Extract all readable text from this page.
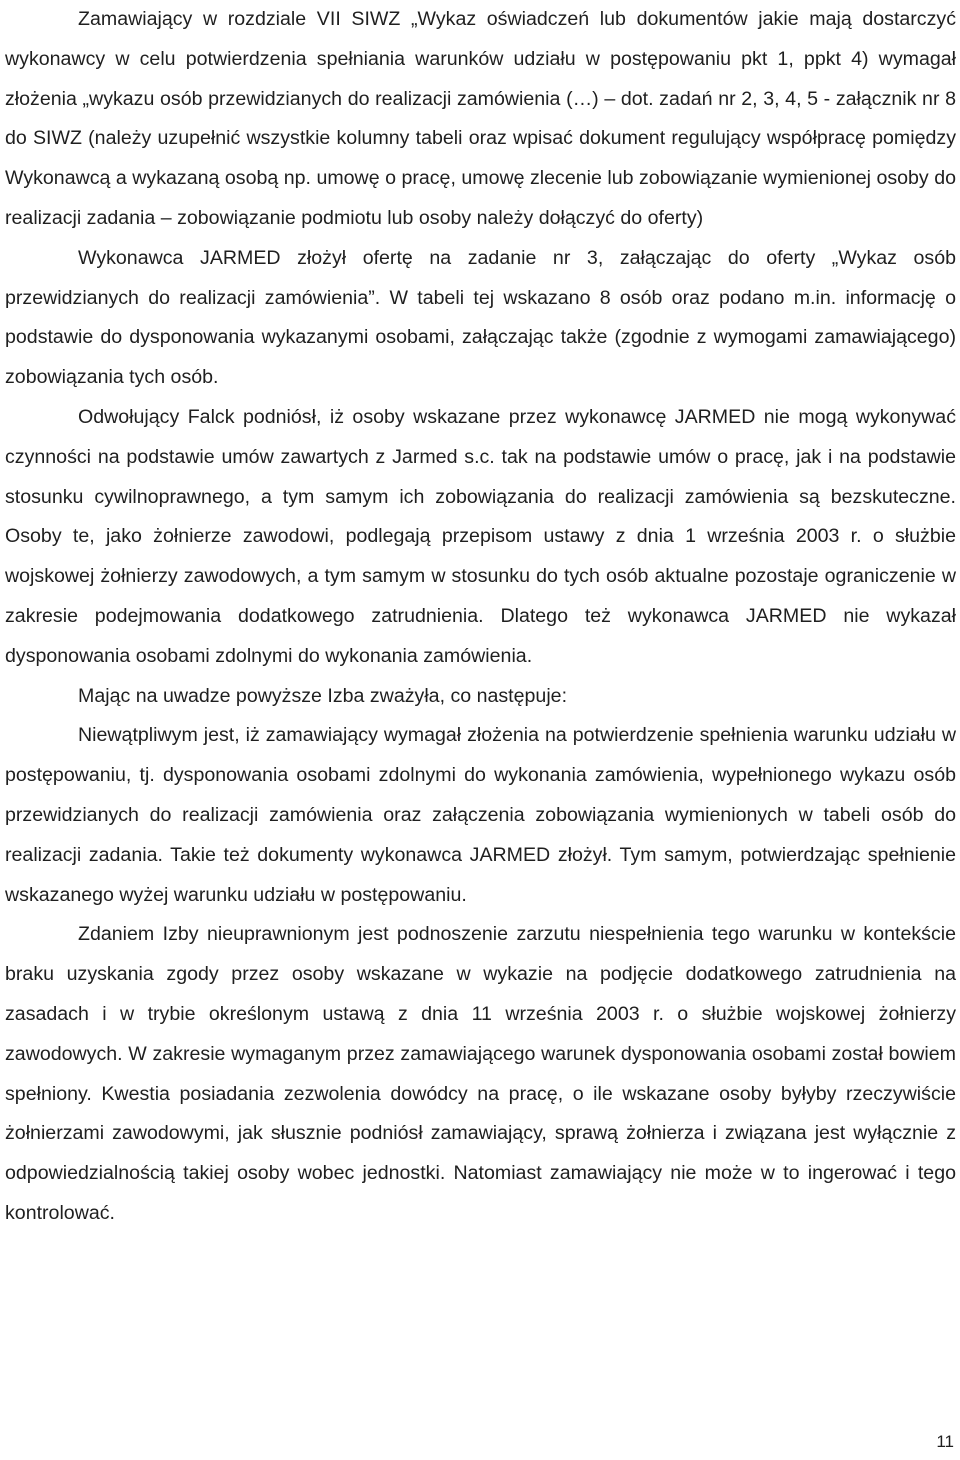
Zamawiający w rozdziale VII SIWZ „Wykaz oświadczeń lub dokumentów jakie mają dostarczyć wykonawcy w celu potwierdzenia spełniania warunków udziału w postępowaniu pkt 1, ppkt 4) wymagał złożenia „wykazu osób przewidzianych do realizacji zamówienia (…) – dot. zadań nr 2, 3, 4, 5 - załącznik nr 8 do SIWZ (należy uzupełnić wszystkie kolumny tabeli oraz wpisać dokument regulujący współpracę pomiędzy Wykonawcą a wykazaną osobą np. umowę o pracę, umowę zlecenie lub zobowiązanie wymienionej osoby do realizacji zadania – zobowiązanie podmiotu lub osoby należy dołączyć do oferty)

Wykonawca JARMED złożył ofertę na zadanie nr 3, załączając do oferty „Wykaz osób przewidzianych do realizacji zamówienia”. W tabeli tej wskazano 8 osób oraz podano m.in. informację o podstawie do dysponowania wykazanymi osobami, załączając także (zgodnie z wymogami zamawiającego) zobowiązania tych osób.

Odwołujący Falck podniósł, iż osoby wskazane przez wykonawcę JARMED nie mogą wykonywać czynności na podstawie umów zawartych z Jarmed s.c. tak na podstawie umów o pracę, jak i na podstawie stosunku cywilnoprawnego, a tym samym ich zobowiązania do realizacji zamówienia są bezskuteczne. Osoby te, jako żołnierze zawodowi, podlegają przepisom ustawy z dnia 1 września 2003 r. o służbie wojskowej żołnierzy zawodowych, a tym samym w stosunku do tych osób aktualne pozostaje ograniczenie w zakresie podejmowania dodatkowego zatrudnienia. Dlatego też wykonawca JARMED nie wykazał dysponowania osobami zdolnymi do wykonania zamówienia.

Mając na uwadze powyższe Izba zważyła, co następuje:

Niewątpliwym jest, iż zamawiający wymagał złożenia na potwierdzenie spełnienia warunku udziału w postępowaniu, tj. dysponowania osobami zdolnymi do wykonania zamówienia, wypełnionego wykazu osób przewidzianych do realizacji zamówienia oraz załączenia zobowiązania wymienionych w tabeli osób do realizacji zadania. Takie też dokumenty wykonawca JARMED złożył. Tym samym, potwierdzając spełnienie wskazanego wyżej warunku udziału w postępowaniu.

Zdaniem Izby nieuprawnionym jest podnoszenie zarzutu niespełnienia tego warunku w kontekście braku uzyskania zgody przez osoby wskazane w wykazie na podjęcie dodatkowego zatrudnienia na zasadach i w trybie określonym ustawą z dnia 11 września 2003 r. o służbie wojskowej żołnierzy zawodowych. W zakresie wymaganym przez zamawiającego warunek dysponowania osobami został bowiem spełniony. Kwestia posiadania zezwolenia dowódcy na pracę, o ile wskazane osoby byłyby rzeczywiście żołnierzami zawodowymi, jak słusznie podniósł zamawiający, sprawą żołnierza i związana jest wyłącznie z odpowiedzialnością takiej osoby wobec jednostki. Natomiast zamawiający nie może w to ingerować i tego kontrolować.

11
